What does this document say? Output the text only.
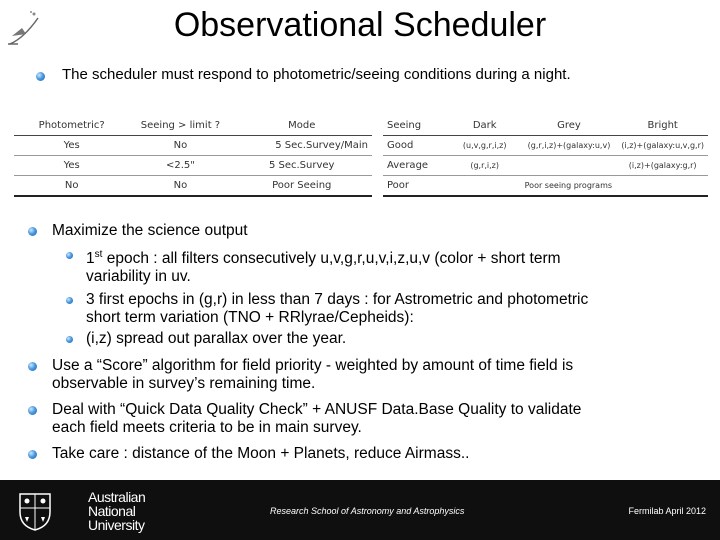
Observational Scheduler
The scheduler must respond to photometric/seeing conditions during a night.
Photometric?	Seeing > limit ?	Mode
Yes	No	5 Sec.Survey/Main
Yes	<2.5"	5 Sec.Survey
No	No	Poor Seeing
Seeing	Dark	Grey	Bright
Good	(u,v,g,r,i,z)	(g,r,i,z)+(galaxy:u,v)	(i,z)+(galaxy:u,v,g,r)
Average	(g,r,i,z)		(i,z)+(galaxy:g,r)
Poor		Poor seeing programs	
Maximize the science output
1st epoch : all filters consecutively u,v,g,r,u,v,i,z,u,v (color + short term
variability in uv.
3 first epochs in (g,r) in less than 7 days : for Astrometric and photometric
short term variation (TNO + RRlyrae/Cepheids):
(i,z) spread out parallax over the year.
Use a “Score” algorithm for field priority - weighted by amount of time field is
observable in survey’s remaining time.
Deal with “Quick Data Quality Check” + ANUSF Data.Base Quality to validate
each field meets criteria to be in main survey.
Take care : distance of the Moon + Planets, reduce Airmass..
Australian
National
University
Research School of Astronomy and Astrophysics	Fermilab April 2012
